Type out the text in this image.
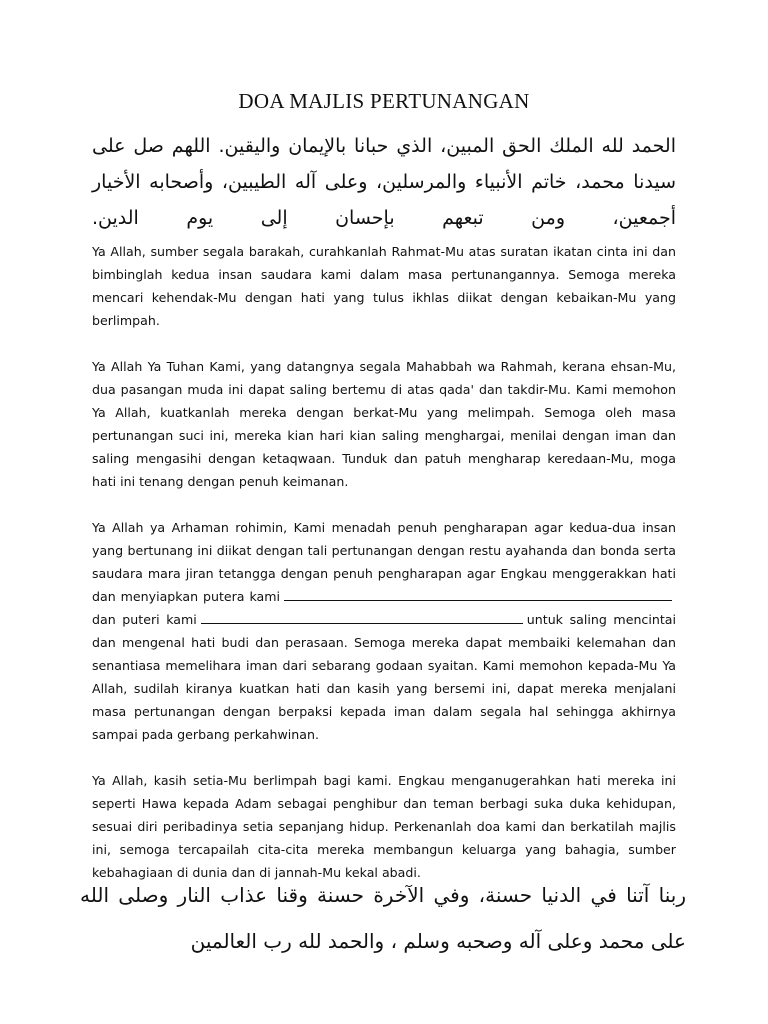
DOA MAJLIS PERTUNANGAN

الحمد لله الملك الحق المبين، الذي حبانا بالإيمان واليقين. اللهم صل على سيدنا محمد، خاتم الأنبياء والمرسلين، وعلى آله الطيبين، وأصحابه الأخيار أجمعين، ومن تبعهم بإحسان إلى يوم الدين.

Ya Allah, sumber segala barakah, curahkanlah Rahmat-Mu atas suratan ikatan cinta ini dan bimbinglah kedua insan saudara kami dalam masa pertunangannya. Semoga mereka mencari kehendak-Mu dengan hati yang tulus ikhlas diikat dengan kebaikan-Mu yang berlimpah.

Ya Allah Ya Tuhan Kami, yang datangnya segala Mahabbah wa Rahmah, kerana ehsan-Mu, dua pasangan muda ini dapat saling bertemu di atas qada' dan takdir-Mu. Kami memohon Ya Allah, kuatkanlah mereka dengan berkat-Mu yang melimpah. Semoga oleh masa pertunangan suci ini, mereka kian hari kian saling menghargai, menilai dengan iman dan saling mengasihi dengan ketaqwaan. Tunduk dan patuh mengharap keredaan-Mu, moga hati ini tenang dengan penuh keimanan.

Ya Allah ya Arhaman rohimin, Kami menadah penuh pengharapan agar kedua-dua insan yang bertunang ini diikat dengan tali pertunangan dengan restu ayahanda dan bonda serta saudara mara jiran tetangga dengan penuh pengharapan agar Engkau menggerakkan hati dan menyiapkan putera kamidan puteri kami	untuk saling mencintai dan mengenal hati budi dan perasaan. Semoga mereka dapat membaiki kelemahan dan senantiasa memelihara iman dari sebarang godaan syaitan. Kami memohon kepada-Mu Ya Allah, sudilah kiranya kuatkan hati dan kasih yang bersemi ini, dapat mereka menjalani masa pertunangan dengan berpaksi kepada iman dalam segala hal sehingga akhirnya sampai pada gerbang perkahwinan.

Ya Allah, kasih setia-Mu berlimpah bagi kami. Engkau menganugerahkan hati mereka ini seperti Hawa kepada Adam sebagai penghibur dan teman berbagi suka duka kehidupan, sesuai diri peribadinya setia sepanjang hidup. Perkenanlah doa kami dan berkatilah majlis ini, semoga tercapailah cita-cita mereka membangun keluarga yang bahagia, sumber kebahagiaan di dunia dan di jannah-Mu kekal abadi.

ربنا آتنا في الدنيا حسنة، وفي الآخرة حسنة وقنا عذاب النار وصلى الله على محمد وعلى آله وصحبه وسلم ، والحمد لله رب العالمين
